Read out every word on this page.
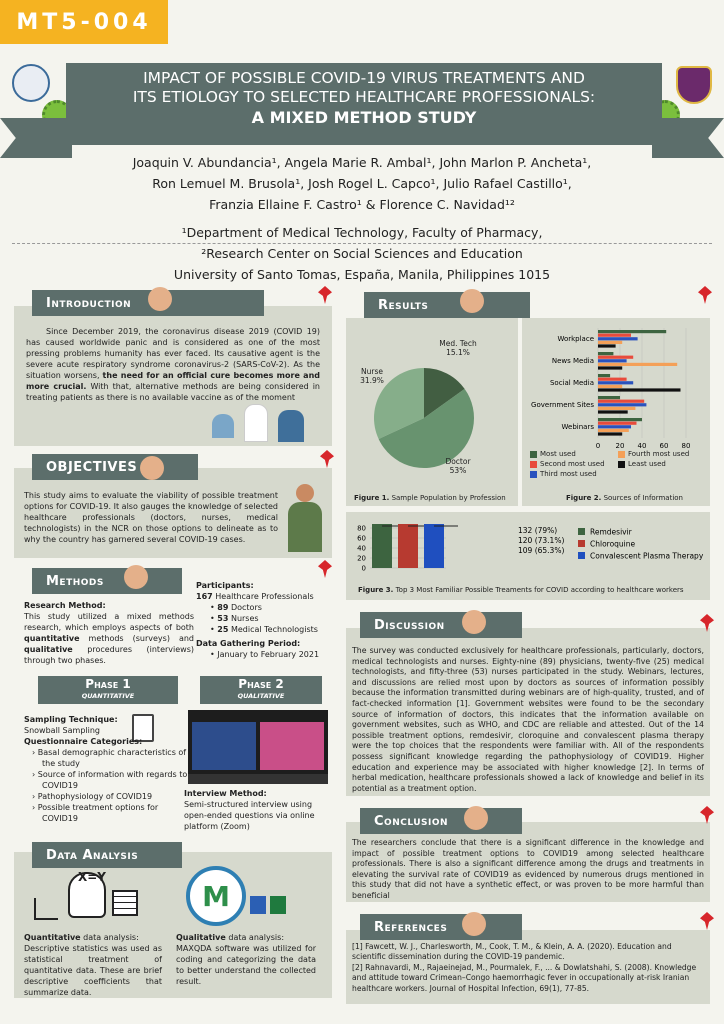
MT5-004
IMPACT OF POSSIBLE COVID-19 VIRUS TREATMENTS AND
ITS ETIOLOGY TO SELECTED HEALTHCARE PROFESSIONALS:
A MIXED METHOD STUDY
Joaquin V. Abundancia¹, Angela Marie R. Ambal¹, John Marlon P. Ancheta¹,
Ron Lemuel M. Brusola¹, Josh Rogel L. Capco¹, Julio Rafael Castillo¹,
Franzia Ellaine F. Castro¹ & Florence C. Navidad¹²
¹Department of Medical Technology, Faculty of Pharmacy,
²Research Center on Social Sciences and Education
University of Santo Tomas, España, Manila, Philippines 1015
Introduction
Since December 2019, the coronavirus disease 2019 (COVID 19) has caused worldwide panic and is considered as one of the most pressing problems humanity has ever faced. Its causative agent is the severe acute respiratory syndrome coronavirus-2 (SARS-CoV-2). As the situation worsens, the need for an official cure becomes more and more crucial. With that, alternative methods are being considered in treating patients as there is no available vaccine as of the moment
OBJECTIVES
This study aims to evaluate the viability of possible treatment options for COVID-19. It also gauges the knowledge of selected healthcare professionals (doctors, nurses, medical technologists) in the NCR on those options to delineate as to why the country has garnered several COVID-19 cases.
Methods
Research Method:
This study utilized a mixed methods research, which employs aspects of both quantitative methods (surveys) and qualitative procedures (interviews) through two phases.
Participants:
167 Healthcare Professionals
• 89 Doctors
• 53 Nurses
• 25 Medical Technologists
Data Gathering Period:
• January to February 2021
Phase 1
QUANTITATIVE
Sampling Technique:
Snowball Sampling
Questionnaire Categories:
› Basal demographic characteristics of the study
› Source of information with regards to COVID19
› Pathophysiology of COVID19
› Possible treatment options for COVID19
Phase 2
QUALITATIVE
Interview Method:
Semi-structured interview using open-ended questions via online platform (Zoom)
Data Analysis
X=Y
Quantitative data analysis:
Descriptive statistics was used as statistical treatment of quantitative data. These are brief descriptive coefficients that summarize data.
M
Qualitative data analysis:
MAXQDA software was utilized for coding and categorizing the data to better understand the collected result.
Results
Med. Tech 15.1%
Doctor 53%
Nurse 31.9%
Figure 1. Sample Population by Profession
0 20 40 60 80
Workplace
News Media
Social Media
Government Sites
Webinars
Most used	Fourth most used
Second most used	Least used
Third most used
Figure 2. Sources of Information
0
20
40
60
80	132 (79%)	Remdesivir
120 (73.1%)	Chloroquine
109 (65.3%)
Convalescent Plasma Therapy
Figure 3. Top 3 Most Familiar Possible Treaments for COVID according to healthcare workers
Discussion
The survey was conducted exclusively for healthcare professionals, particularly, doctors, medical technologists and nurses. Eighty-nine (89) physicians, twenty-five (25) medical technologists, and fifty-three (53) nurses participated in the study. Webinars, lectures, and discussions are relied most upon by doctors as sources of information possibly because the information transmitted during webinars are of high-quality, trusted, and of fact-checked information [1]. Government websites were found to be the secondary source of information of doctors, this indicates that the information available on government websites, such as WHO, and CDC are reliable and attested. Out of the 14 possible treatment options, remdesivir, cloroquine and convalescent plasma therapy were the top choices that the respondents were familiar with. All of the respondents possess significant knowledge regarding the pathophysiology of COVID19. Higher education and experience may be associated with higher knowledge [2]. In terms of herbal medication, healthcare professionals showed a lack of knowledge and belief in its potential as a treatment option.
Conclusion
The researchers conclude that there is a significant difference in the knowledge and impact of possible treatment options to COVID19 among selected healthcare professionals. There is also a significant difference among the drugs and treatments in elevating the survival rate of COVID19 as evidenced by numerous drugs mentioned in this study that did not have a synthetic effect, or was proven to be more harmful than beneficial
References
[1] Fawcett, W. J., Charlesworth, M., Cook, T. M., & Klein, A. A. (2020). Education and scientific dissemination during the COVID-19 pandemic.
[2] Rahnavardi, M., Rajaeinejad, M., Pourmalek, F., ... & Dowlatshahi, S. (2008). Knowledge and attitude toward Crimean–Congo haemorrhagic fever in occupationally at-risk Iranian healthcare workers. Journal of Hospital Infection, 69(1), 77-85.
